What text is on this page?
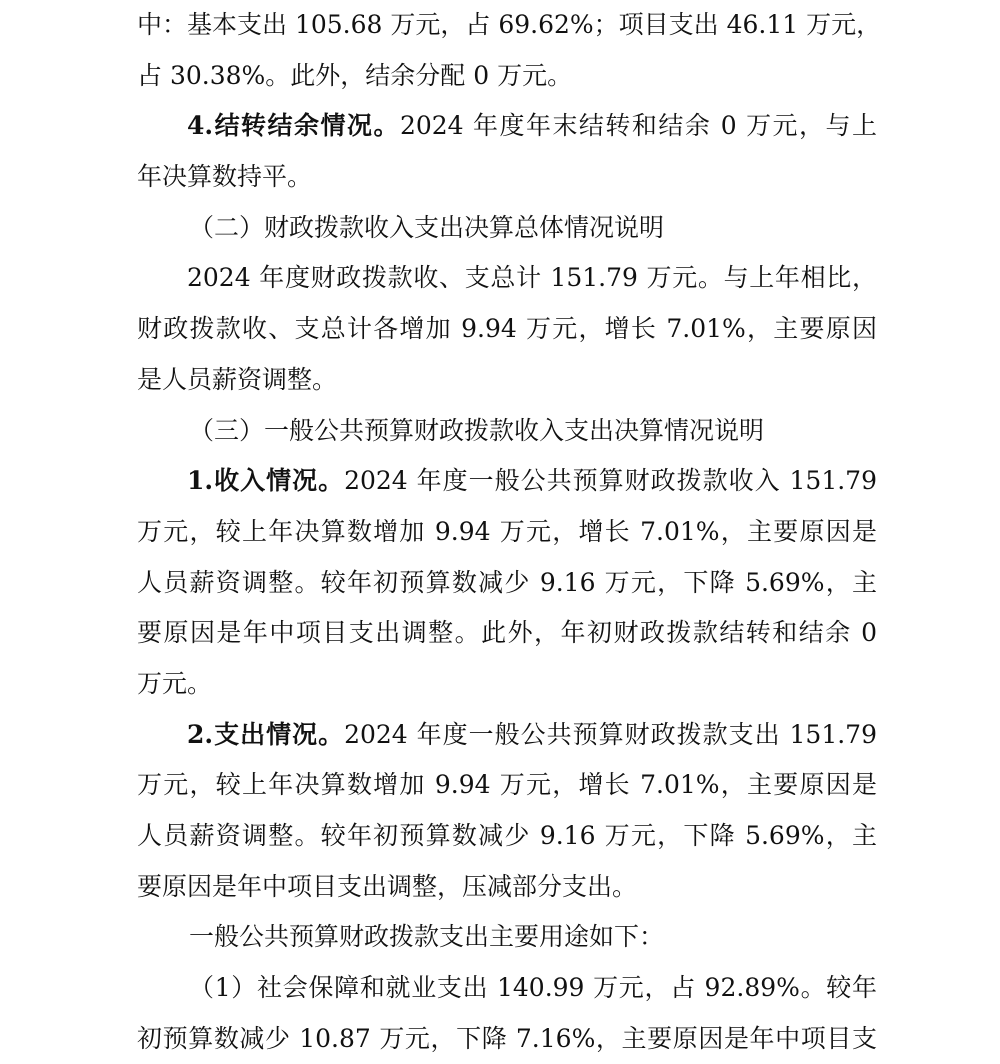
中：基本支出 105.68 万元，占 69.62%；项目支出 46.11 万元，
占 30.38%。此外，结余分配 0 万元。
4.结转结余情况。2024 年度年末结转和结余 0 万元，与上
年决算数持平。
（二）财政拨款收入支出决算总体情况说明
2024 年度财政拨款收、支总计 151.79 万元。与上年相比，
财政拨款收、支总计各增加 9.94 万元，增长 7.01%，主要原因
是人员薪资调整。
（三）一般公共预算财政拨款收入支出决算情况说明
1.收入情况。2024 年度一般公共预算财政拨款收入 151.79
万元，较上年决算数增加 9.94 万元，增长 7.01%，主要原因是
人员薪资调整。较年初预算数减少 9.16 万元，下降 5.69%，主
要原因是年中项目支出调整。此外，年初财政拨款结转和结余 0
万元。
2.支出情况。2024 年度一般公共预算财政拨款支出 151.79
万元，较上年决算数增加 9.94 万元，增长 7.01%，主要原因是
人员薪资调整。较年初预算数减少 9.16 万元，下降 5.69%，主
要原因是年中项目支出调整，压减部分支出。
一般公共预算财政拨款支出主要用途如下：
（1）社会保障和就业支出 140.99 万元，占 92.89%。较年
初预算数减少 10.87 万元，下降 7.16%，主要原因是年中项目支
